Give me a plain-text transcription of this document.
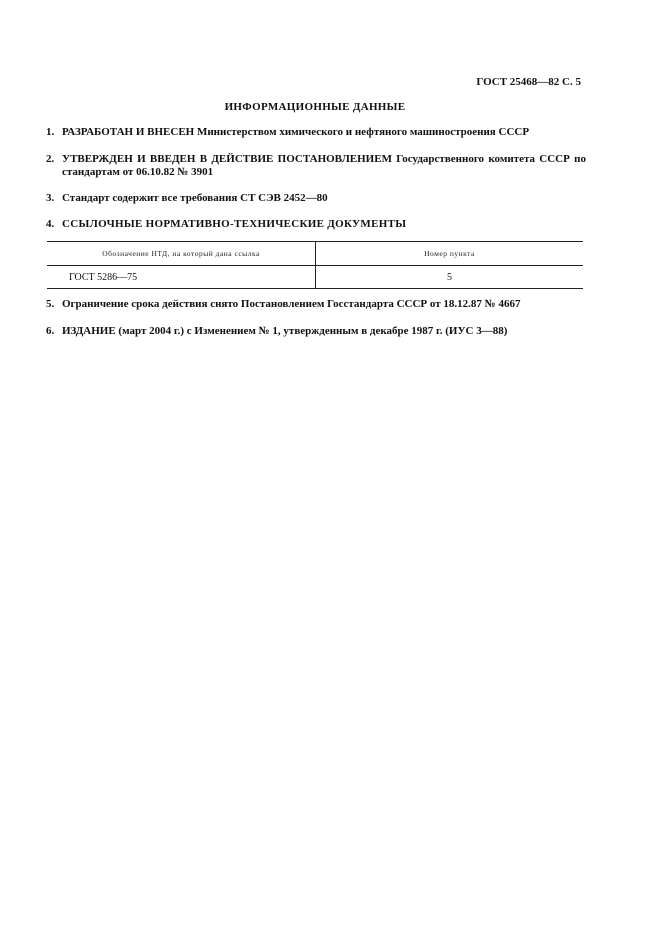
ГОСТ 25468—82 С. 5
ИНФОРМАЦИОННЫЕ ДАННЫЕ
1. РАЗРАБОТАН И ВНЕСЕН Министерством химического и нефтяного машиностроения СССР
2. УТВЕРЖДЕН И ВВЕДЕН В ДЕЙСТВИЕ ПОСТАНОВЛЕНИЕМ Государственного комитета СССР по стандартам от 06.10.82 № 3901
3. Стандарт содержит все требования СТ СЭВ 2452—80
4. ССЫЛОЧНЫЕ НОРМАТИВНО-ТЕХНИЧЕСКИЕ ДОКУМЕНТЫ
Обозначение НТД, на который дана ссылка	Номер пункта
ГОСТ 5286—75	5
5. Ограничение срока действия снято Постановлением Госстандарта СССР от 18.12.87 № 4667
6. ИЗДАНИЕ (март 2004 г.) с Изменением № 1, утвержденным в декабре 1987 г. (ИУС 3—88)
